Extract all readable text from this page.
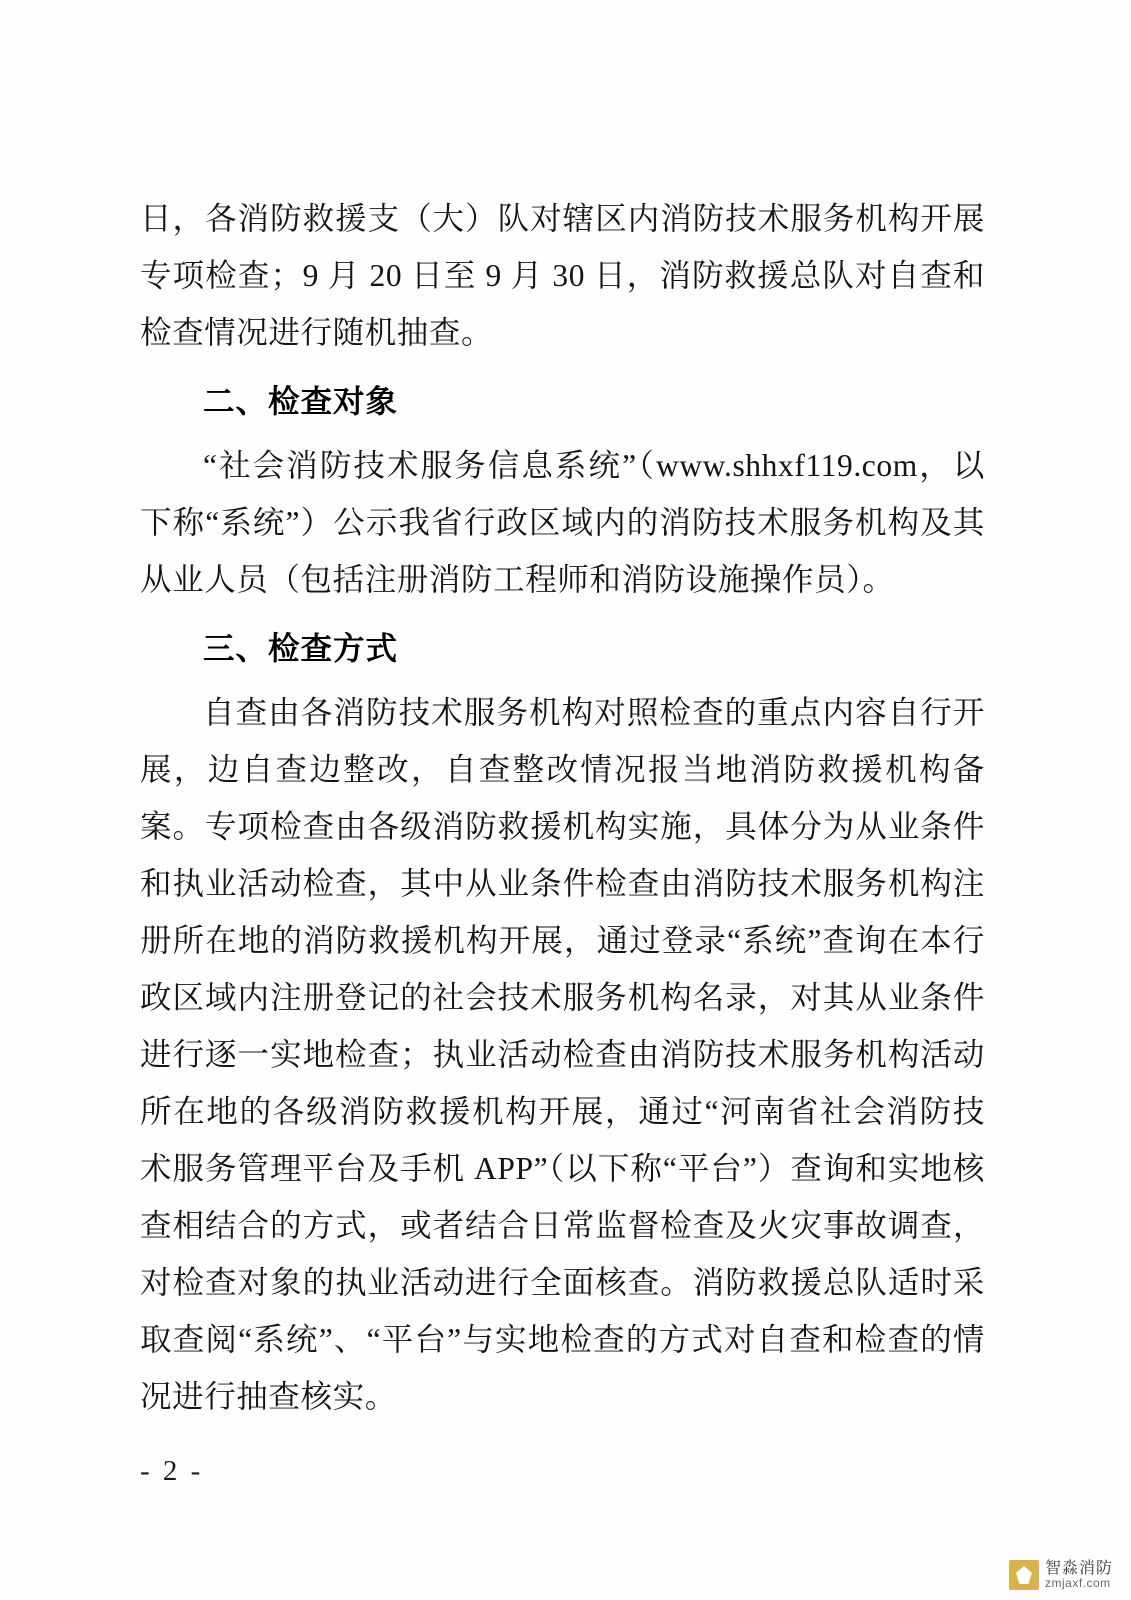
日，各消防救援支（大）队对辖区内消防技术服务机构开展专项检查；9 月 20 日至 9 月 30 日，消防救援总队对自查和检查情况进行随机抽查。

二、检查对象

“社会消防技术服务信息系统”（www.shhxf119.com，以下称“系统”）公示我省行政区域内的消防技术服务机构及其从业人员（包括注册消防工程师和消防设施操作员）。

三、检查方式

自查由各消防技术服务机构对照检查的重点内容自行开展，边自查边整改，自查整改情况报当地消防救援机构备案。专项检查由各级消防救援机构实施，具体分为从业条件和执业活动检查，其中从业条件检查由消防技术服务机构注册所在地的消防救援机构开展，通过登录“系统”查询在本行政区域内注册登记的社会技术服务机构名录，对其从业条件进行逐一实地检查；执业活动检查由消防技术服务机构活动所在地的各级消防救援机构开展，通过“河南省社会消防技术服务管理平台及手机 APP”（以下称“平台”）查询和实地核查相结合的方式，或者结合日常监督检查及火灾事故调查，对检查对象的执业活动进行全面核查。消防救援总队适时采取查阅“系统”、“平台”与实地检查的方式对自查和检查的情况进行抽查核实。

- 2 -
智淼消防
zmjaxf.com
